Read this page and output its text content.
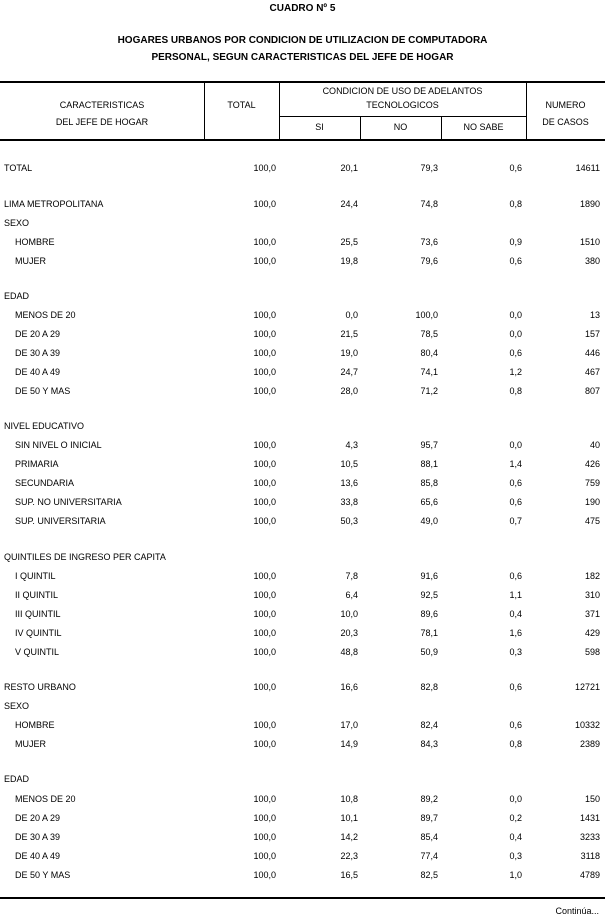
CUADRO Nº 5
HOGARES URBANOS POR CONDICION DE UTILIZACION DE COMPUTADORA
PERSONAL, SEGUN CARACTERISTICAS DEL JEFE DE HOGAR
CARACTERISTICAS
DEL JEFE DE HOGAR
TOTAL
CONDICION DE USO DE ADELANTOS
TECNOLOGICOS
SI	NO	NO SABE
NUMERO
DE CASOS
TOTAL	100,0	20,1	79,3	0,6	14611
LIMA METROPOLITANA	100,0	24,4	74,8	0,8	1890
SEXO
HOMBRE	100,0	25,5	73,6	0,9	1510
MUJER	100,0	19,8	79,6	0,6	380
EDAD
MENOS DE 20	100,0	0,0	100,0	0,0	13
DE 20 A 29	100,0	21,5	78,5	0,0	157
DE 30 A 39	100,0	19,0	80,4	0,6	446
DE 40 A 49	100,0	24,7	74,1	1,2	467
DE 50 Y MAS	100,0	28,0	71,2	0,8	807
NIVEL EDUCATIVO
SIN NIVEL O INICIAL	100,0	4,3	95,7	0,0	40
PRIMARIA	100,0	10,5	88,1	1,4	426
SECUNDARIA	100,0	13,6	85,8	0,6	759
SUP. NO UNIVERSITARIA	100,0	33,8	65,6	0,6	190
SUP. UNIVERSITARIA	100,0	50,3	49,0	0,7	475
QUINTILES DE INGRESO PER CAPITA
I QUINTIL	100,0	7,8	91,6	0,6	182
II QUINTIL	100,0	6,4	92,5	1,1	310
III QUINTIL	100,0	10,0	89,6	0,4	371
IV QUINTIL	100,0	20,3	78,1	1,6	429
V QUINTIL	100,0	48,8	50,9	0,3	598
RESTO URBANO	100,0	16,6	82,8	0,6	12721
SEXO
HOMBRE	100,0	17,0	82,4	0,6	10332
MUJER	100,0	14,9	84,3	0,8	2389
EDAD
MENOS DE 20	100,0	10,8	89,2	0,0	150
DE 20 A 29	100,0	10,1	89,7	0,2	1431
DE 30 A 39	100,0	14,2	85,4	0,4	3233
DE 40 A 49	100,0	22,3	77,4	0,3	3118
DE 50 Y MAS	100,0	16,5	82,5	1,0	4789
Continúa...
